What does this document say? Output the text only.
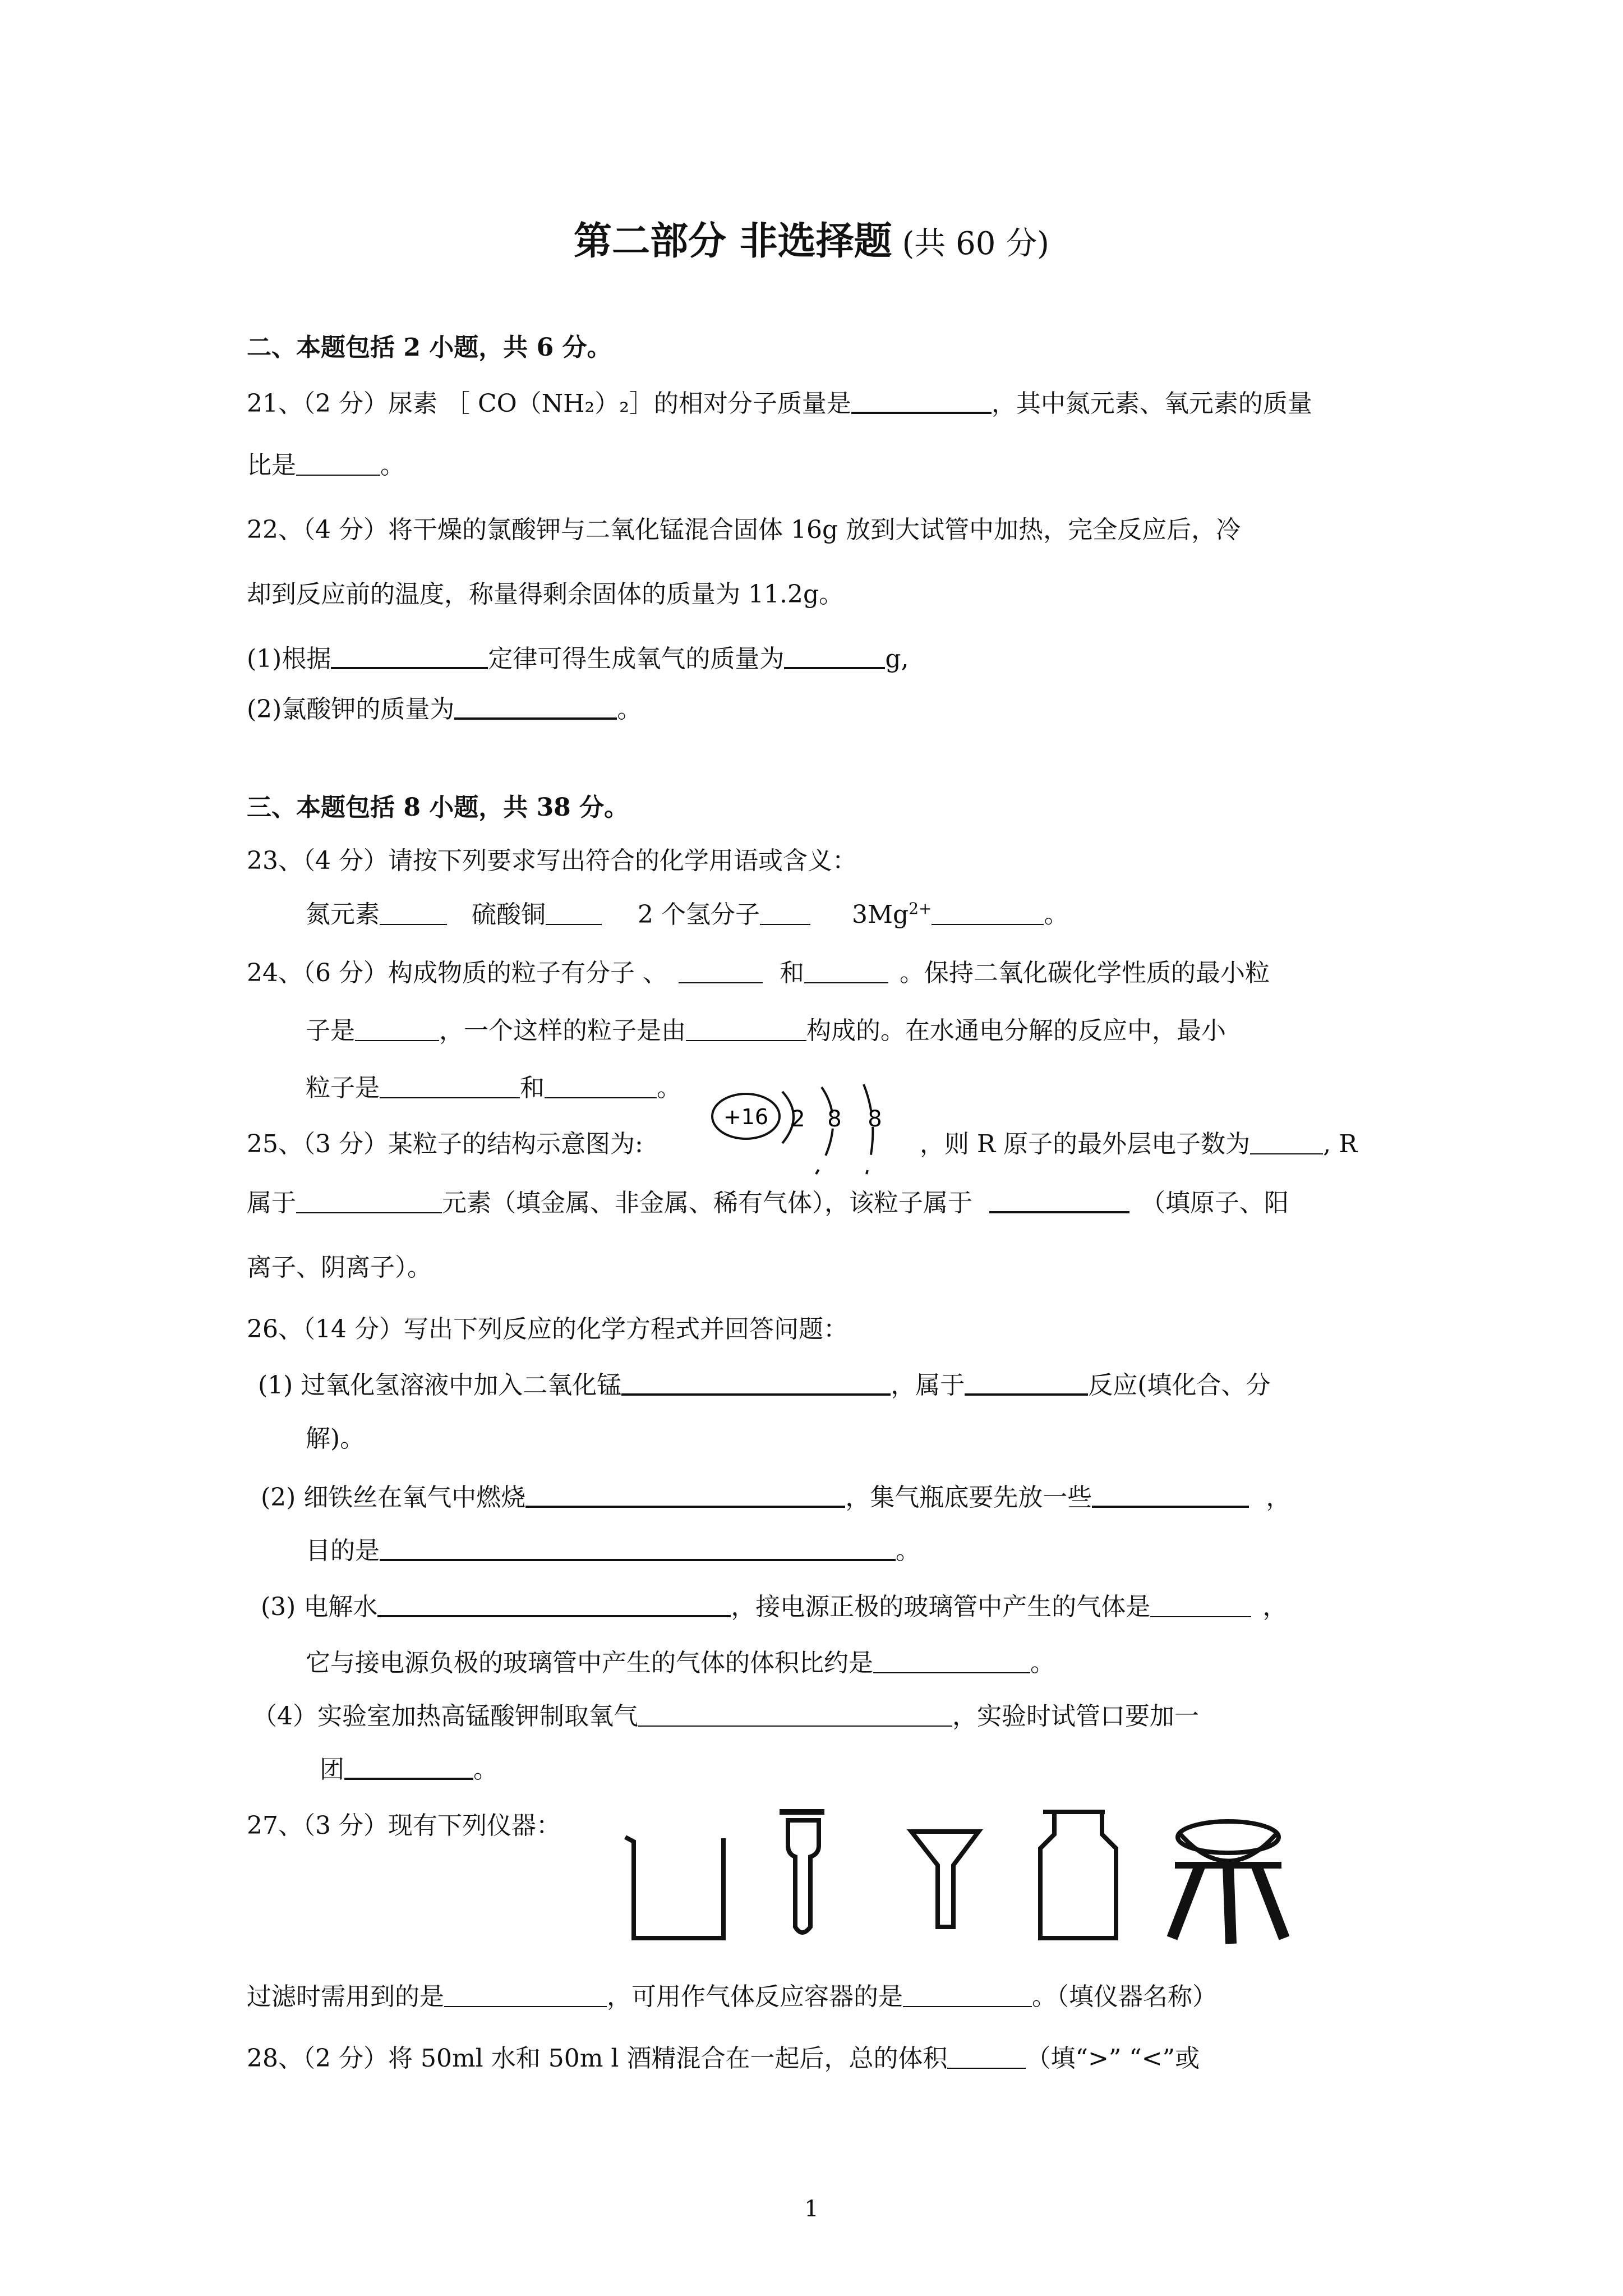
第二部分 非选择题 (共 60 分)
二、本题包括 2 小题，共 6 分。
21、（2 分）尿素 ［ CO（NH₂）₂］的相对分子质量是	，其中氮元素、氧元素的质量
比是	。
22、（4 分）将干燥的氯酸钾与二氧化锰混合固体 16g 放到大试管中加热，完全反应后，冷
却到反应前的温度，称量得剩余固体的质量为 11.2g。
(1)根据	定律可得生成氧气的质量为	g,
(2)氯酸钾的质量为	。
三、本题包括 8 小题，共 38 分。
23、（4 分）请按下列要求写出符合的化学用语或含义：
氮元素	硫酸铜	2 个氢分子	$3Mg^{2+}$	。
24、（6 分）构成物质的粒子有分子 、	和	。保持二氧化碳化学性质的最小粒
子是	，一个这样的粒子是由	构成的。在水通电分解的反应中，最小
粒子是	和	。
25、（3 分）某粒子的结构示意图为:
+16 2 8 8
，则 R 原子的最外层电子数为	, R
属于	元素（填金属、非金属、稀有气体），该粒子属于	（填原子、阳
离子、阴离子）。
26、（14 分）写出下列反应的化学方程式并回答问题：
(1) 过氧化氢溶液中加入二氧化锰	，属于	反应(填化合、分
解)。
(2) 细铁丝在氧气中燃烧	，集气瓶底要先放一些	，
目的是	。
(3) 电解水	，接电源正极的玻璃管中产生的气体是	，
它与接电源负极的玻璃管中产生的气体的体积比约是	。
（4）实验室加热高锰酸钾制取氧气	，实验时试管口要加一
团	。
27、（3 分）现有下列仪器：
过滤时需用到的是	，可用作气体反应容器的是	。（填仪器名称）
28、（2 分）将 50ml 水和 50m l 酒精混合在一起后，总的体积	（填“>” “<”或
1
